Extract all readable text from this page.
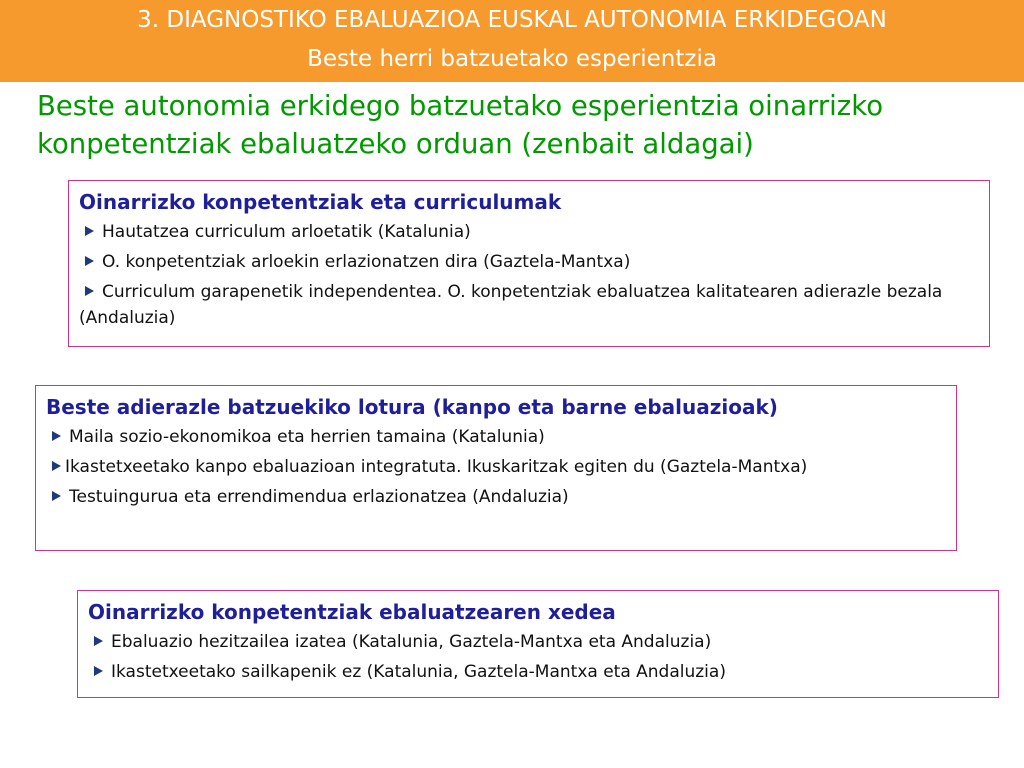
3. DIAGNOSTIKO EBALUAZIOA EUSKAL AUTONOMIA ERKIDEGOAN
Beste herri batzuetako esperientzia
Beste autonomia erkidego batzuetako esperientzia oinarrizko
konpetentziak ebaluatzeko orduan (zenbait aldagai)
Oinarrizko konpetentziak eta curriculumak
Hautatzea curriculum arloetatik (Katalunia)
O. konpetentziak arloekin erlazionatzen dira (Gaztela-Mantxa)
Curriculum garapenetik independentea. O. konpetentziak ebaluatzea kalitatearen adierazle bezala (Andaluzia)
Beste adierazle batzuekiko lotura (kanpo eta barne ebaluazioak)
Maila sozio-ekonomikoa eta herrien tamaina (Katalunia)
Ikastetxeetako kanpo ebaluazioan integratuta. Ikuskaritzak egiten du (Gaztela-Mantxa)
Testuingurua eta errendimendua erlazionatzea (Andaluzia)
Oinarrizko konpetentziak ebaluatzearen xedea
Ebaluazio hezitzailea izatea (Katalunia, Gaztela-Mantxa eta Andaluzia)
Ikastetxeetako sailkapenik ez (Katalunia, Gaztela-Mantxa eta Andaluzia)
